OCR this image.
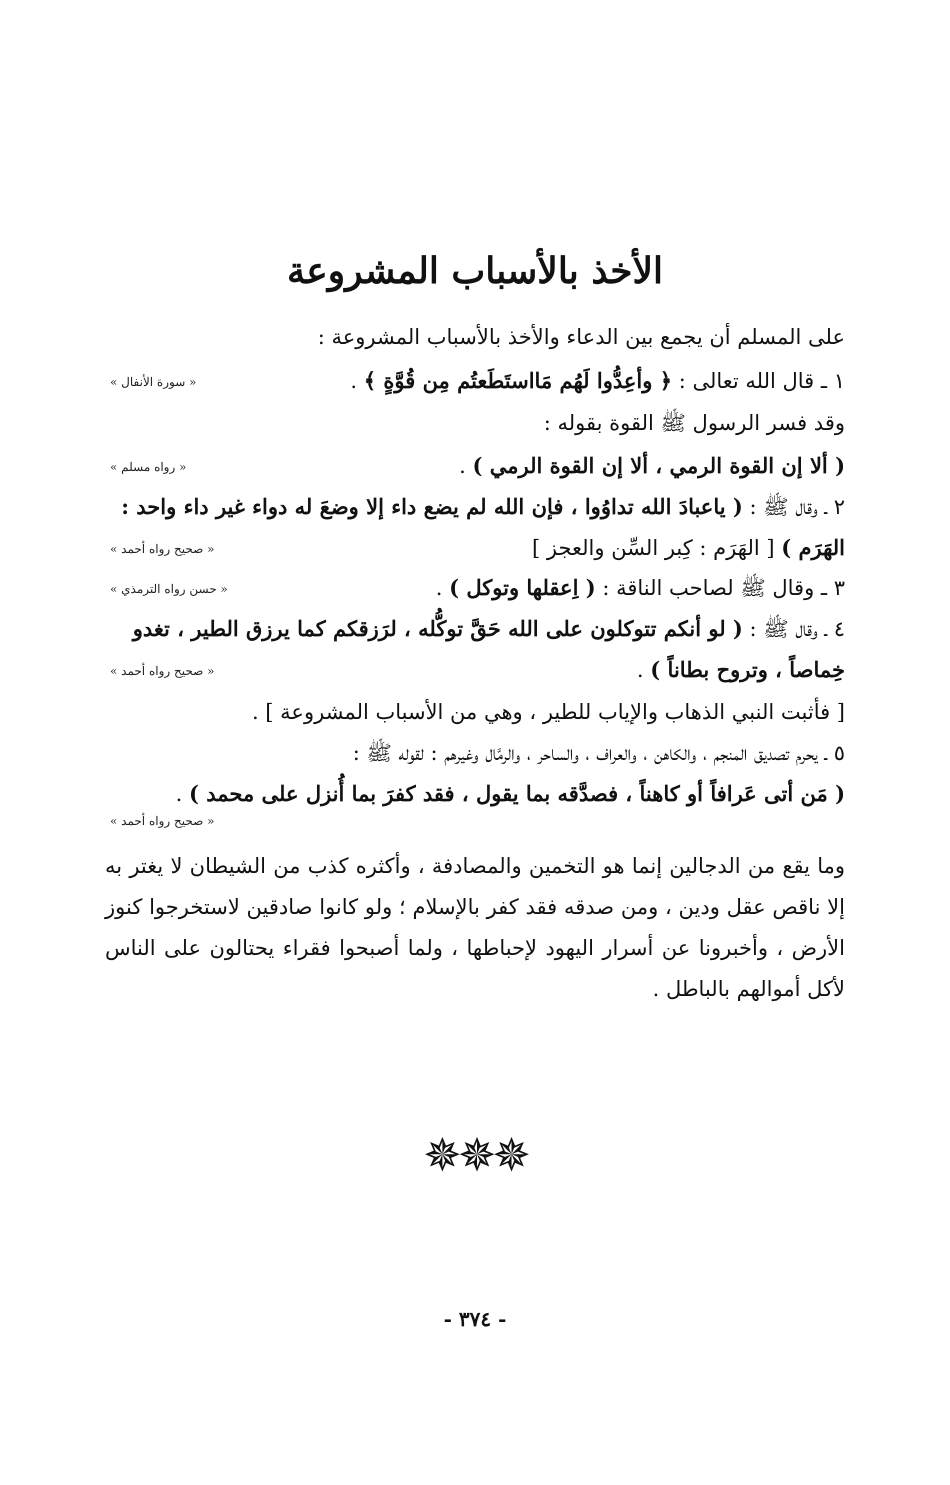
الأخذ بالأسباب المشروعة
على المسلم أن يجمع بين الدعاء والأخذ بالأسباب المشروعة :
١ ـ قال الله تعالى : ﴿ وأعِدُّوا لَهُم مَااستَطَعتُم مِن قُوَّةٍ ﴾ .
« سورة الأنفال »
وقد فسر الرسول ﷺ القوة بقوله :
( ألا إن القوة الرمي ، ألا إن القوة الرمي ) .
« رواه مسلم »
٢ ـ وقال ﷺ : ( ياعبادَ الله تداوُوا ، فإن الله لم يضع داء إلا وضعَ له دواء غير داء واحد :
الهَرَم ) [ الهَرَم : كِبر السِّن والعجز ]
« صحيح رواه أحمد »
٣ ـ وقال ﷺ لصاحب الناقة : ( اِعقلها وتوكل ) .
« حسن رواه الترمذي »
٤ ـ وقال ﷺ : ( لو أنكم تتوكلون على الله حَقَّ توكُّله ، لرَزقكم كما يرزق الطير ، تغدو
خِماصاً ، وتروح بطاناً ) .
« صحيح رواه أحمد »
[ فأثبت النبي الذهاب والإياب للطير ، وهي من الأسباب المشروعة ] .
٥ ـ يحرم تصديق المنجم ، والكاهن ، والعراف ، والساحر ، والرمَّال وغيرهم : لقوله ﷺ :
( مَن أتى عَرافاً أو كاهناً ، فصدَّقه بما يقول ، فقد كفرَ بما أُنزل على محمد ) .
« صحيح رواه أحمد »
وما يقع من الدجالين إنما هو التخمين والمصادفة ، وأكثره كذب من الشيطان لا يغتر به إلا ناقص عقل ودين ، ومن صدقه فقد كفر بالإسلام ؛ ولو كانوا صادقين لاستخرجوا كنوز الأرض ، وأخبرونا عن أسرار اليهود لإحباطها ، ولما أصبحوا فقراء يحتالون على الناس لأكل أموالهم بالباطل .
✵✵✵
- ٣٧٤ -
